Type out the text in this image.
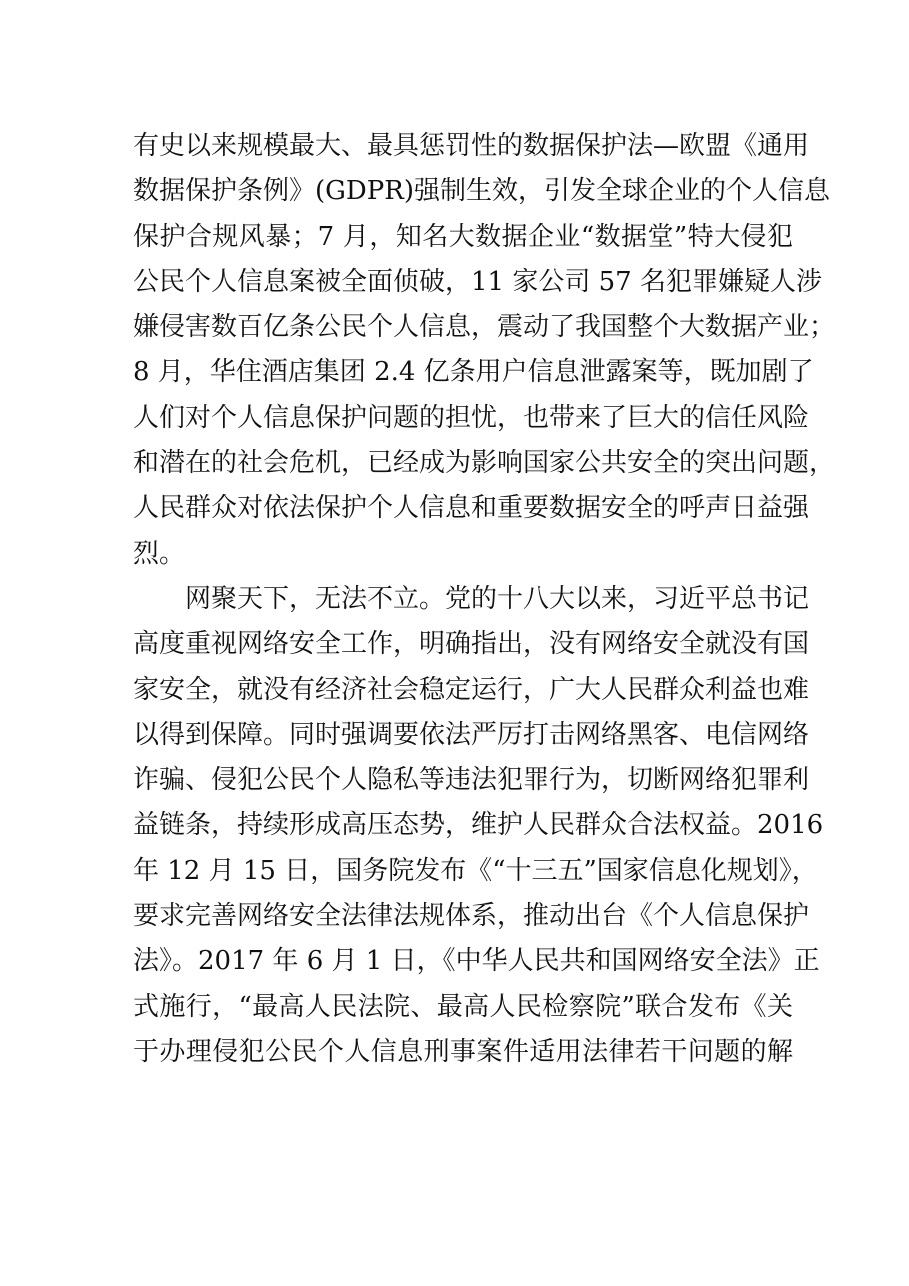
有史以来规模最大、最具惩罚性的数据保护法—欧盟《通用
数据保护条例》(GDPR)强制生效，引发全球企业的个人信息
保护合规风暴；7 月，知名大数据企业“数据堂”特大侵犯
公民个人信息案被全面侦破，11 家公司 57 名犯罪嫌疑人涉
嫌侵害数百亿条公民个人信息，震动了我国整个大数据产业；
8 月，华住酒店集团 2.4 亿条用户信息泄露案等，既加剧了
人们对个人信息保护问题的担忧，也带来了巨大的信任风险
和潜在的社会危机，已经成为影响国家公共安全的突出问题，
人民群众对依法保护个人信息和重要数据安全的呼声日益强
烈。
网聚天下，无法不立。党的十八大以来，习近平总书记
高度重视网络安全工作，明确指出，没有网络安全就没有国
家安全，就没有经济社会稳定运行，广大人民群众利益也难
以得到保障。同时强调要依法严厉打击网络黑客、电信网络
诈骗、侵犯公民个人隐私等违法犯罪行为，切断网络犯罪利
益链条，持续形成高压态势，维护人民群众合法权益。2016
年 12 月 15 日，国务院发布《“十三五”国家信息化规划》，
要求完善网络安全法律法规体系，推动出台《个人信息保护
法》。2017 年 6 月 1 日，《中华人民共和国网络安全法》正
式施行，“最高人民法院、最高人民检察院”联合发布《关
于办理侵犯公民个人信息刑事案件适用法律若干问题的解
